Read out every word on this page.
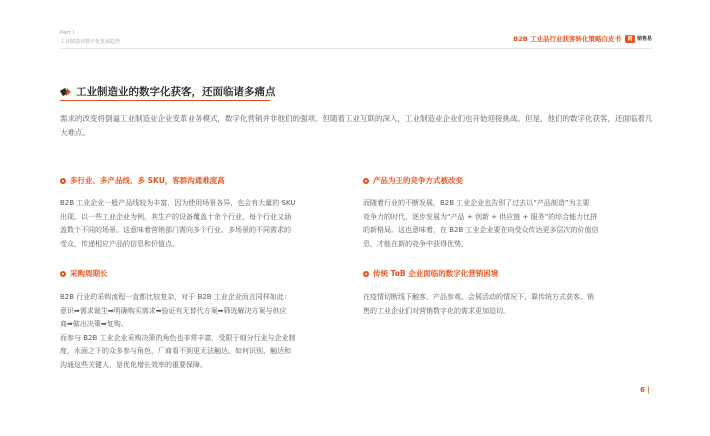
Part I
工业制造业数字化发展趋势	B2B 工业品行业获客转化策略白皮书	销 销售易
工业制造业的数字化获客，还面临诸多痛点
需求的改变将倒逼工业制造业企业变革业务模式，数字化营销并非他们的强项。但随着工业互联的深入，工业制造业企业们也开始迎接挑战。但是，他们的数字化获客，还面临着几大难点。
多行业、多产品线、多 SKU，客群沟通难度高
B2B 工业企业一般产品线较为丰富，因为使用场景各异，也会有大量的 SKU
出现。以一些工业企业为例，其生产的设备覆盖十余个行业，每个行业又涵
盖数个不同的场景。这意味着营销部门需向多个行业、多场景的不同需求的
受众，传递相应产品的信息和价值点。
产品为王的竞争方式被改变
而随着行业的不断发展，B2B 工业企业也告别了过去以“产品制造”为主要
竞争力的时代，逐步发展为“产品 + 创新 + 供应链 + 服务”的综合能力比拼
的新格局。这也意味着，在 B2B 工业企业要在向受众传达更多层次的价值信
息，才能在新的竞争中获得优势。
采购周期长
B2B 行业的采购流程一直都比较复杂，对于 B2B 工业企业而言同样如此：
意识➡需求诞生➡明确购买需求➡验证有无替代方案➡筛选解决方案与供应
商➡做出决策➡复购。
而参与 B2B 工业企业采购决策的角色也非常丰富，受限于细分行业与企业制
度，水面之下的众多参与角色，厂商看不到更无法触达。如何识别、触达和
沟通这些关键人，是优化增长效率的重要保障。
传统 ToB 企业面临的数字化营销困境
在疫情切断线下触客、产品参观、会展活动的情况下，靠传统方式获客、销
售的工业企业们对营销数字化的需求更加迫切。
6 |
